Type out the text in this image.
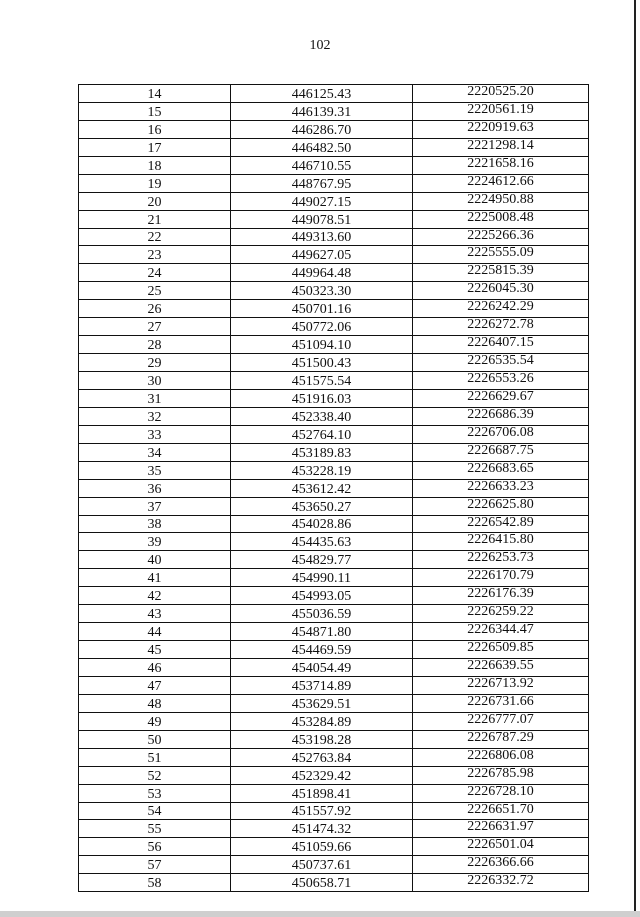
102
14	446125.43	2220525.20
15	446139.31	2220561.19
16	446286.70	2220919.63
17	446482.50	2221298.14
18	446710.55	2221658.16
19	448767.95	2224612.66
20	449027.15	2224950.88
21	449078.51	2225008.48
22	449313.60	2225266.36
23	449627.05	2225555.09
24	449964.48	2225815.39
25	450323.30	2226045.30
26	450701.16	2226242.29
27	450772.06	2226272.78
28	451094.10	2226407.15
29	451500.43	2226535.54
30	451575.54	2226553.26
31	451916.03	2226629.67
32	452338.40	2226686.39
33	452764.10	2226706.08
34	453189.83	2226687.75
35	453228.19	2226683.65
36	453612.42	2226633.23
37	453650.27	2226625.80
38	454028.86	2226542.89
39	454435.63	2226415.80
40	454829.77	2226253.73
41	454990.11	2226170.79
42	454993.05	2226176.39
43	455036.59	2226259.22
44	454871.80	2226344.47
45	454469.59	2226509.85
46	454054.49	2226639.55
47	453714.89	2226713.92
48	453629.51	2226731.66
49	453284.89	2226777.07
50	453198.28	2226787.29
51	452763.84	2226806.08
52	452329.42	2226785.98
53	451898.41	2226728.10
54	451557.92	2226651.70
55	451474.32	2226631.97
56	451059.66	2226501.04
57	450737.61	2226366.66
58	450658.71	2226332.72
